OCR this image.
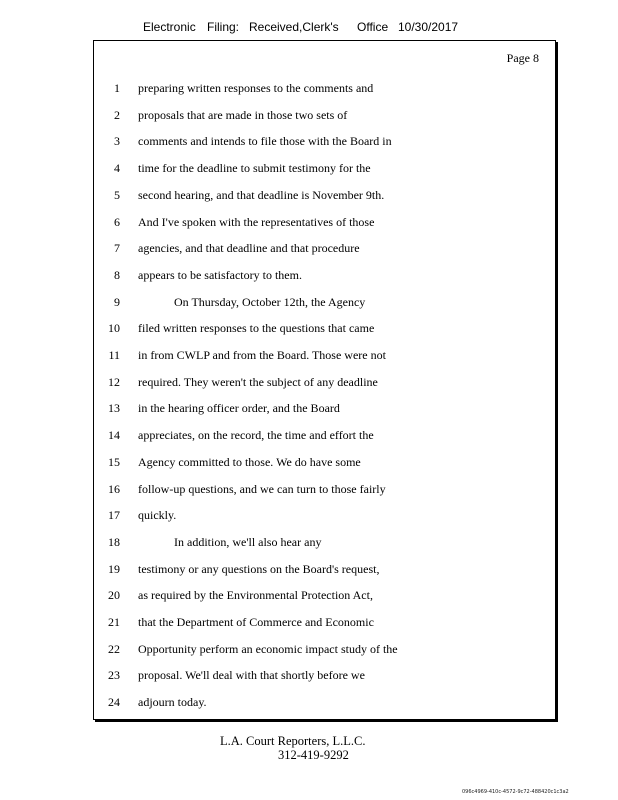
Electronic Filing: Received,Clerk's Office 10/30/2017
Page 8
1 preparing written responses to the comments and
2 proposals that are made in those two sets of
3 comments and intends to file those with the Board in
4 time for the deadline to submit testimony for the
5 second hearing, and that deadline is November 9th.
6 And I've spoken with the representatives of those
7 agencies, and that deadline and that procedure
8 appears to be satisfactory to them.
9	On Thursday, October 12th, the Agency
10 filed written responses to the questions that came
11 in from CWLP and from the Board. Those were not
12 required. They weren't the subject of any deadline
13 in the hearing officer order, and the Board
14 appreciates, on the record, the time and effort the
15 Agency committed to those. We do have some
16 follow-up questions, and we can turn to those fairly
17 quickly.
18	In addition, we'll also hear any
19 testimony or any questions on the Board's request,
20 as required by the Environmental Protection Act,
21 that the Department of Commerce and Economic
22 Opportunity perform an economic impact study of the
23 proposal. We'll deal with that shortly before we
24 adjourn today.
L.A. Court Reporters, L.L.C.
312-419-9292
096c4969-410c-4572-9c72-488420c1c3a2
